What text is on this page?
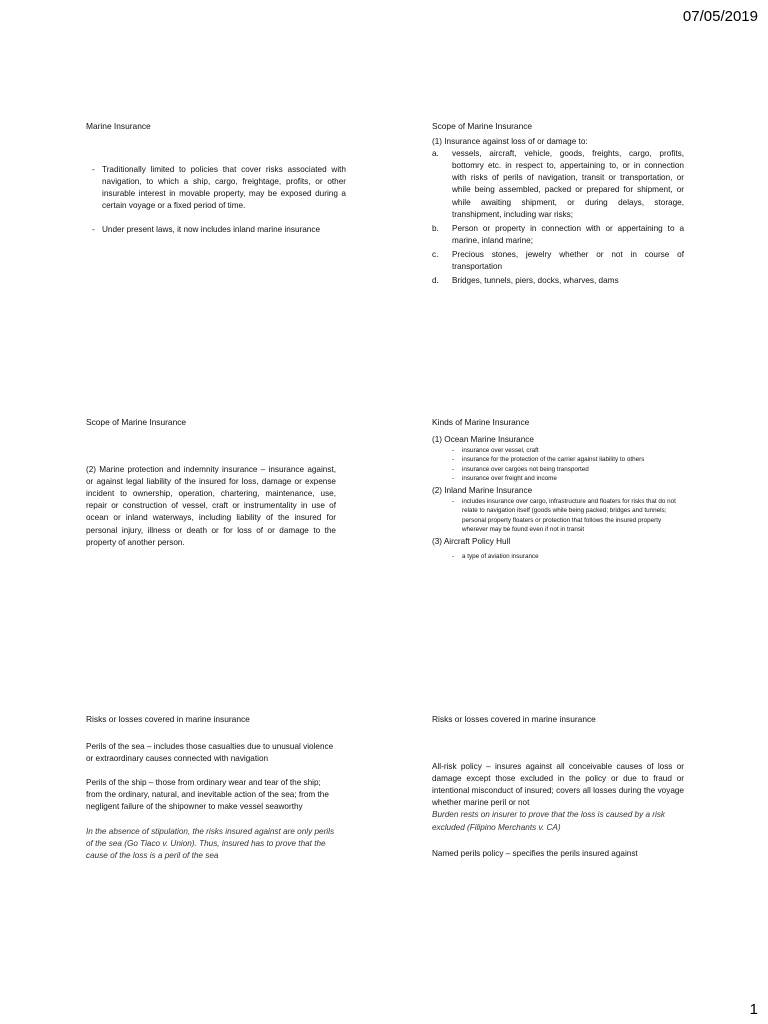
07/05/2019
Marine Insurance
- Traditionally limited to policies that cover risks associated with navigation, to which a ship, cargo, freightage, profits, or other insurable interest in movable property, may be exposed during a certain voyage or a fixed period of time.
- Under present laws, it now includes inland marine insurance
Scope of Marine Insurance
(1) Insurance against loss of or damage to:
a.	vessels, aircraft, vehicle, goods, freights, cargo, profits, bottomry etc. in respect to, appertaining to, or in connection with risks of perils of navigation, transit or transportation, or while being assembled, packed or prepared for shipment, or while awaiting shipment, or during delays, storage, transhipment, including war risks;
b.	Person or property in connection with or appertaining to a marine, inland marine;
c.	Precious stones, jewelry whether or not in course of transportation
d.	Bridges, tunnels, piers, docks, wharves, dams
Scope of Marine Insurance
(2) Marine protection and indemnity insurance – insurance against, or against legal liability of the insured for loss, damage or expense incident to ownership, operation, chartering, maintenance, use, repair or construction of vessel, craft or instrumentality in use of ocean or inland waterways, including liability of the insured for personal injury, illness or death or for loss of or damage to the property of another person.
Kinds of Marine Insurance
(1) Ocean Marine Insurance
-	insurance over vessel, craft
-	insurance for the protection of the carrier against liability to others
-	insurance over cargoes not being transported
-	insurance over freight and income
(2) Inland Marine Insurance
-	includes insurance over cargo, infrastructure and floaters for risks that do not relate to navigation itself (goods while being packed; bridges and tunnels; personal property floaters or protection that follows the insured property wherever may be found even if not in transit
(3) Aircraft Policy Hull
-	a type of aviation insurance
Risks or losses covered in marine insurance
Perils of the sea – includes those casualties due to unusual violence or extraordinary causes connected with navigation
Perils of the ship – those from ordinary wear and tear of the ship; from the ordinary, natural, and inevitable action of the sea; from the negligent failure of the shipowner to make vessel seaworthy
In the absence of stipulation, the risks insured against are only perils of the sea (Go Tiaco v. Union). Thus, insured has to prove that the cause of the loss is a peril of the sea
Risks or losses covered in marine insurance
All-risk policy – insures against all conceivable causes of loss or damage except those excluded in the policy or due to fraud or intentional misconduct of insured; covers all losses during the voyage whether marine peril or not
Burden rests on insurer to prove that the loss is caused by a risk excluded (Filipino Merchants v. CA)
Named perils policy – specifies the perils insured against
1
